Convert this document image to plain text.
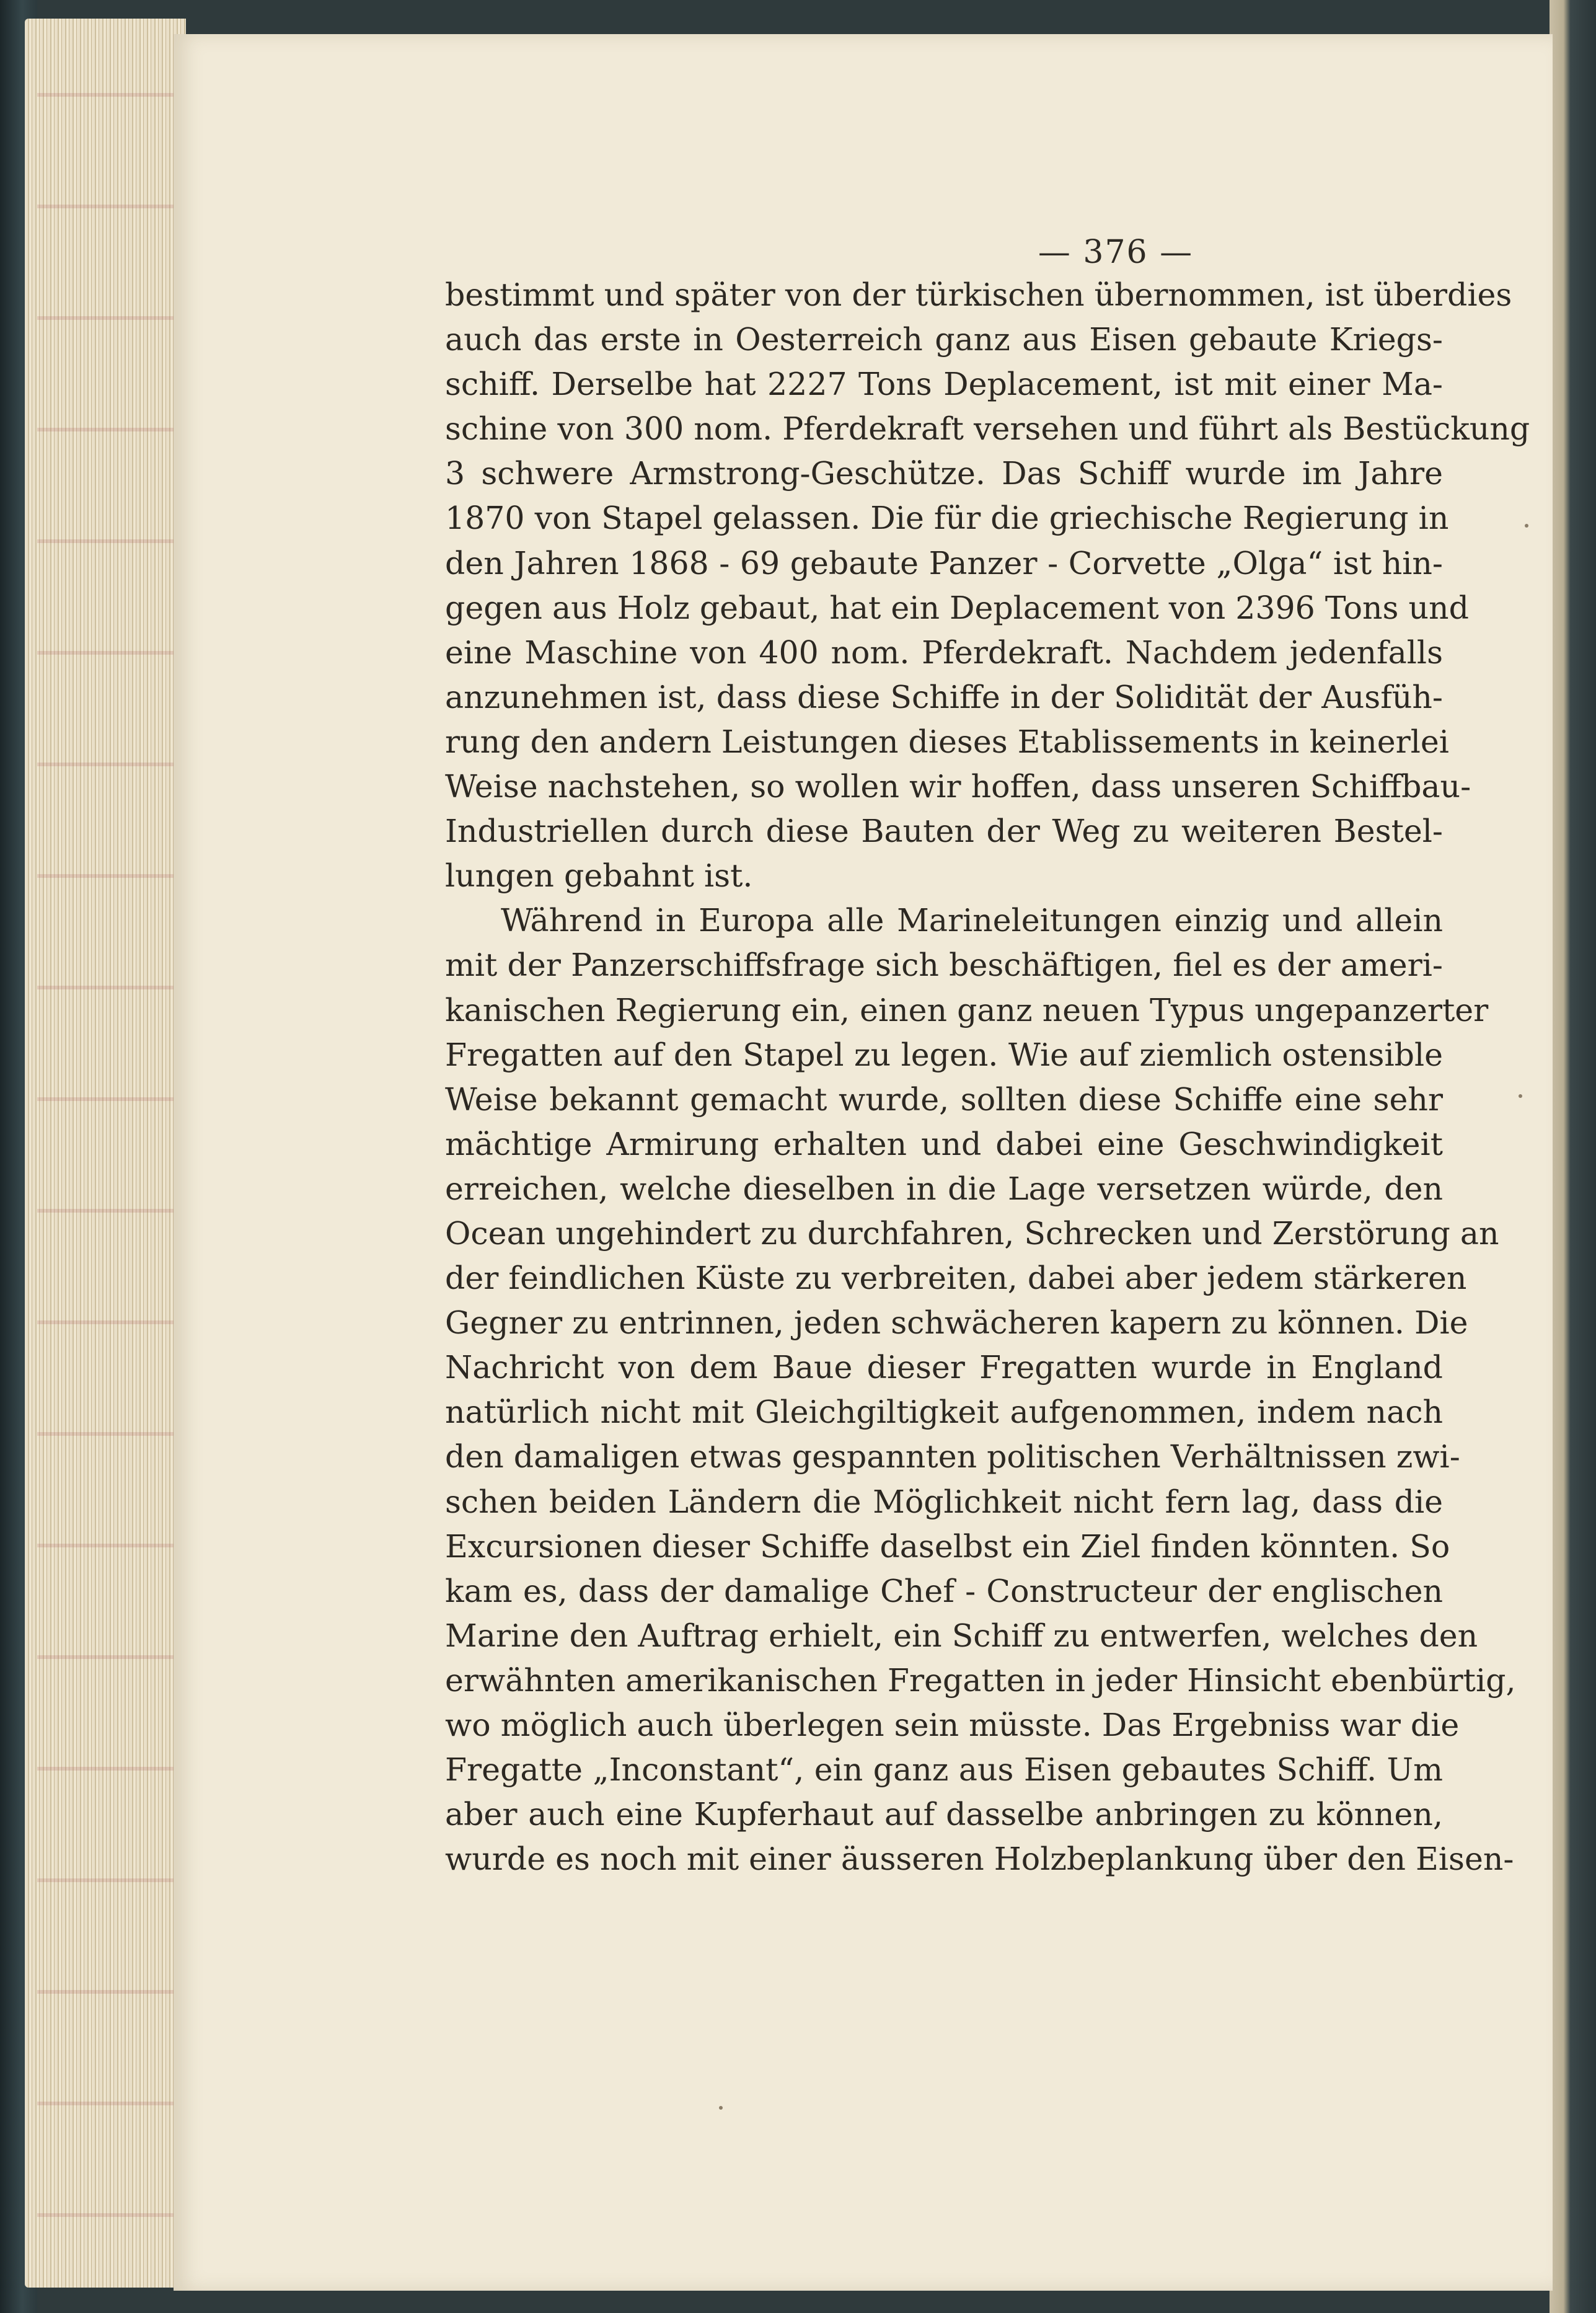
— 376 —
bestimmt und später von der türkischen übernommen, ist überdies
auch das erste in Oesterreich ganz aus Eisen gebaute Kriegs-
schiff. Derselbe hat 2227 Tons Deplacement, ist mit einer Ma-
schine von 300 nom. Pferdekraft versehen und führt als Bestückung
3 schwere Armstrong-Geschütze. Das Schiff wurde im Jahre
1870 von Stapel gelassen. Die für die griechische Regierung in
den Jahren 1868 - 69 gebaute Panzer - Corvette „Olga“ ist hin-
gegen aus Holz gebaut, hat ein Deplacement von 2396 Tons und
eine Maschine von 400 nom. Pferdekraft. Nachdem jedenfalls
anzunehmen ist, dass diese Schiffe in der Solidität der Ausfüh-
rung den andern Leistungen dieses Etablissements in keinerlei
Weise nachstehen, so wollen wir hoffen, dass unseren Schiffbau-
Industriellen durch diese Bauten der Weg zu weiteren Bestel-
lungen gebahnt ist.
Während in Europa alle Marineleitungen einzig und allein
mit der Panzerschiffsfrage sich beschäftigen, fiel es der ameri-
kanischen Regierung ein, einen ganz neuen Typus ungepanzerter
Fregatten auf den Stapel zu legen. Wie auf ziemlich ostensible
Weise bekannt gemacht wurde, sollten diese Schiffe eine sehr
mächtige Armirung erhalten und dabei eine Geschwindigkeit
erreichen, welche dieselben in die Lage versetzen würde, den
Ocean ungehindert zu durchfahren, Schrecken und Zerstörung an
der feindlichen Küste zu verbreiten, dabei aber jedem stärkeren
Gegner zu entrinnen, jeden schwächeren kapern zu können. Die
Nachricht von dem Baue dieser Fregatten wurde in England
natürlich nicht mit Gleichgiltigkeit aufgenommen, indem nach
den damaligen etwas gespannten politischen Verhältnissen zwi-
schen beiden Ländern die Möglichkeit nicht fern lag, dass die
Excursionen dieser Schiffe daselbst ein Ziel finden könnten. So
kam es, dass der damalige Chef - Constructeur der englischen
Marine den Auftrag erhielt, ein Schiff zu entwerfen, welches den
erwähnten amerikanischen Fregatten in jeder Hinsicht ebenbürtig,
wo möglich auch überlegen sein müsste. Das Ergebniss war die
Fregatte „Inconstant“, ein ganz aus Eisen gebautes Schiff. Um
aber auch eine Kupferhaut auf dasselbe anbringen zu können,
wurde es noch mit einer äusseren Holzbeplankung über den Eisen-
